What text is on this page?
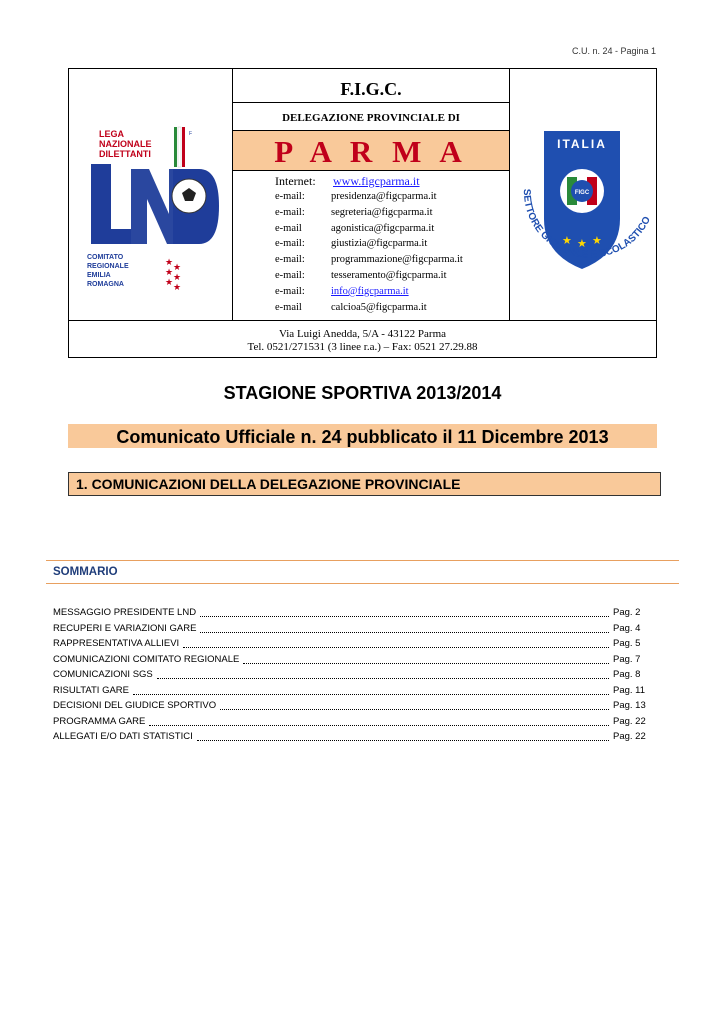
C.U. n. 24 - Pagina 1
LEGA
NAZIONALE
DILETTANTI
F
★
★
★
★
★
★
COMITATO
REGIONALE
EMILIA
ROMAGNA
F.I.G.C.
DELEGAZIONE PROVINCIALE DI
P A R M A
Internet:	www.figcparma.it
e-mail:	presidenza@figcparma.it
e-mail:	segreteria@figcparma.it
e-mail	agonistica@figcparma.it
e-mail:	giustizia@figcparma.it
e-mail:	programmazione@figcparma.it
e-mail:	tesseramento@figcparma.it
e-mail:	info@figcparma.it
e-mail	calcioa5@figcparma.it
ITALIA
FIGC
★ ★ ★
SETTORE GIOVANILE E SCOLASTICO
Via Luigi Anedda, 5/A - 43122 Parma
Tel. 0521/271531 (3 linee r.a.) – Fax: 0521 27.29.88
STAGIONE SPORTIVA 2013/2014
Comunicato Ufficiale n. 24 pubblicato il 11 Dicembre 2013
1. COMUNICAZIONI DELLA DELEGAZIONE PROVINCIALE
SOMMARIO
MESSAGGIO PRESIDENTE LND	Pag. 2
RECUPERI E VARIAZIONI GARE	Pag. 4
RAPPRESENTATIVA ALLIEVI	Pag. 5
COMUNICAZIONI COMITATO REGIONALE	Pag. 7
COMUNICAZIONI SGS	Pag. 8
RISULTATI GARE	Pag. 11
DECISIONI DEL GIUDICE SPORTIVO	Pag. 13
PROGRAMMA GARE	Pag. 22
ALLEGATI E/O DATI STATISTICI	Pag. 22
